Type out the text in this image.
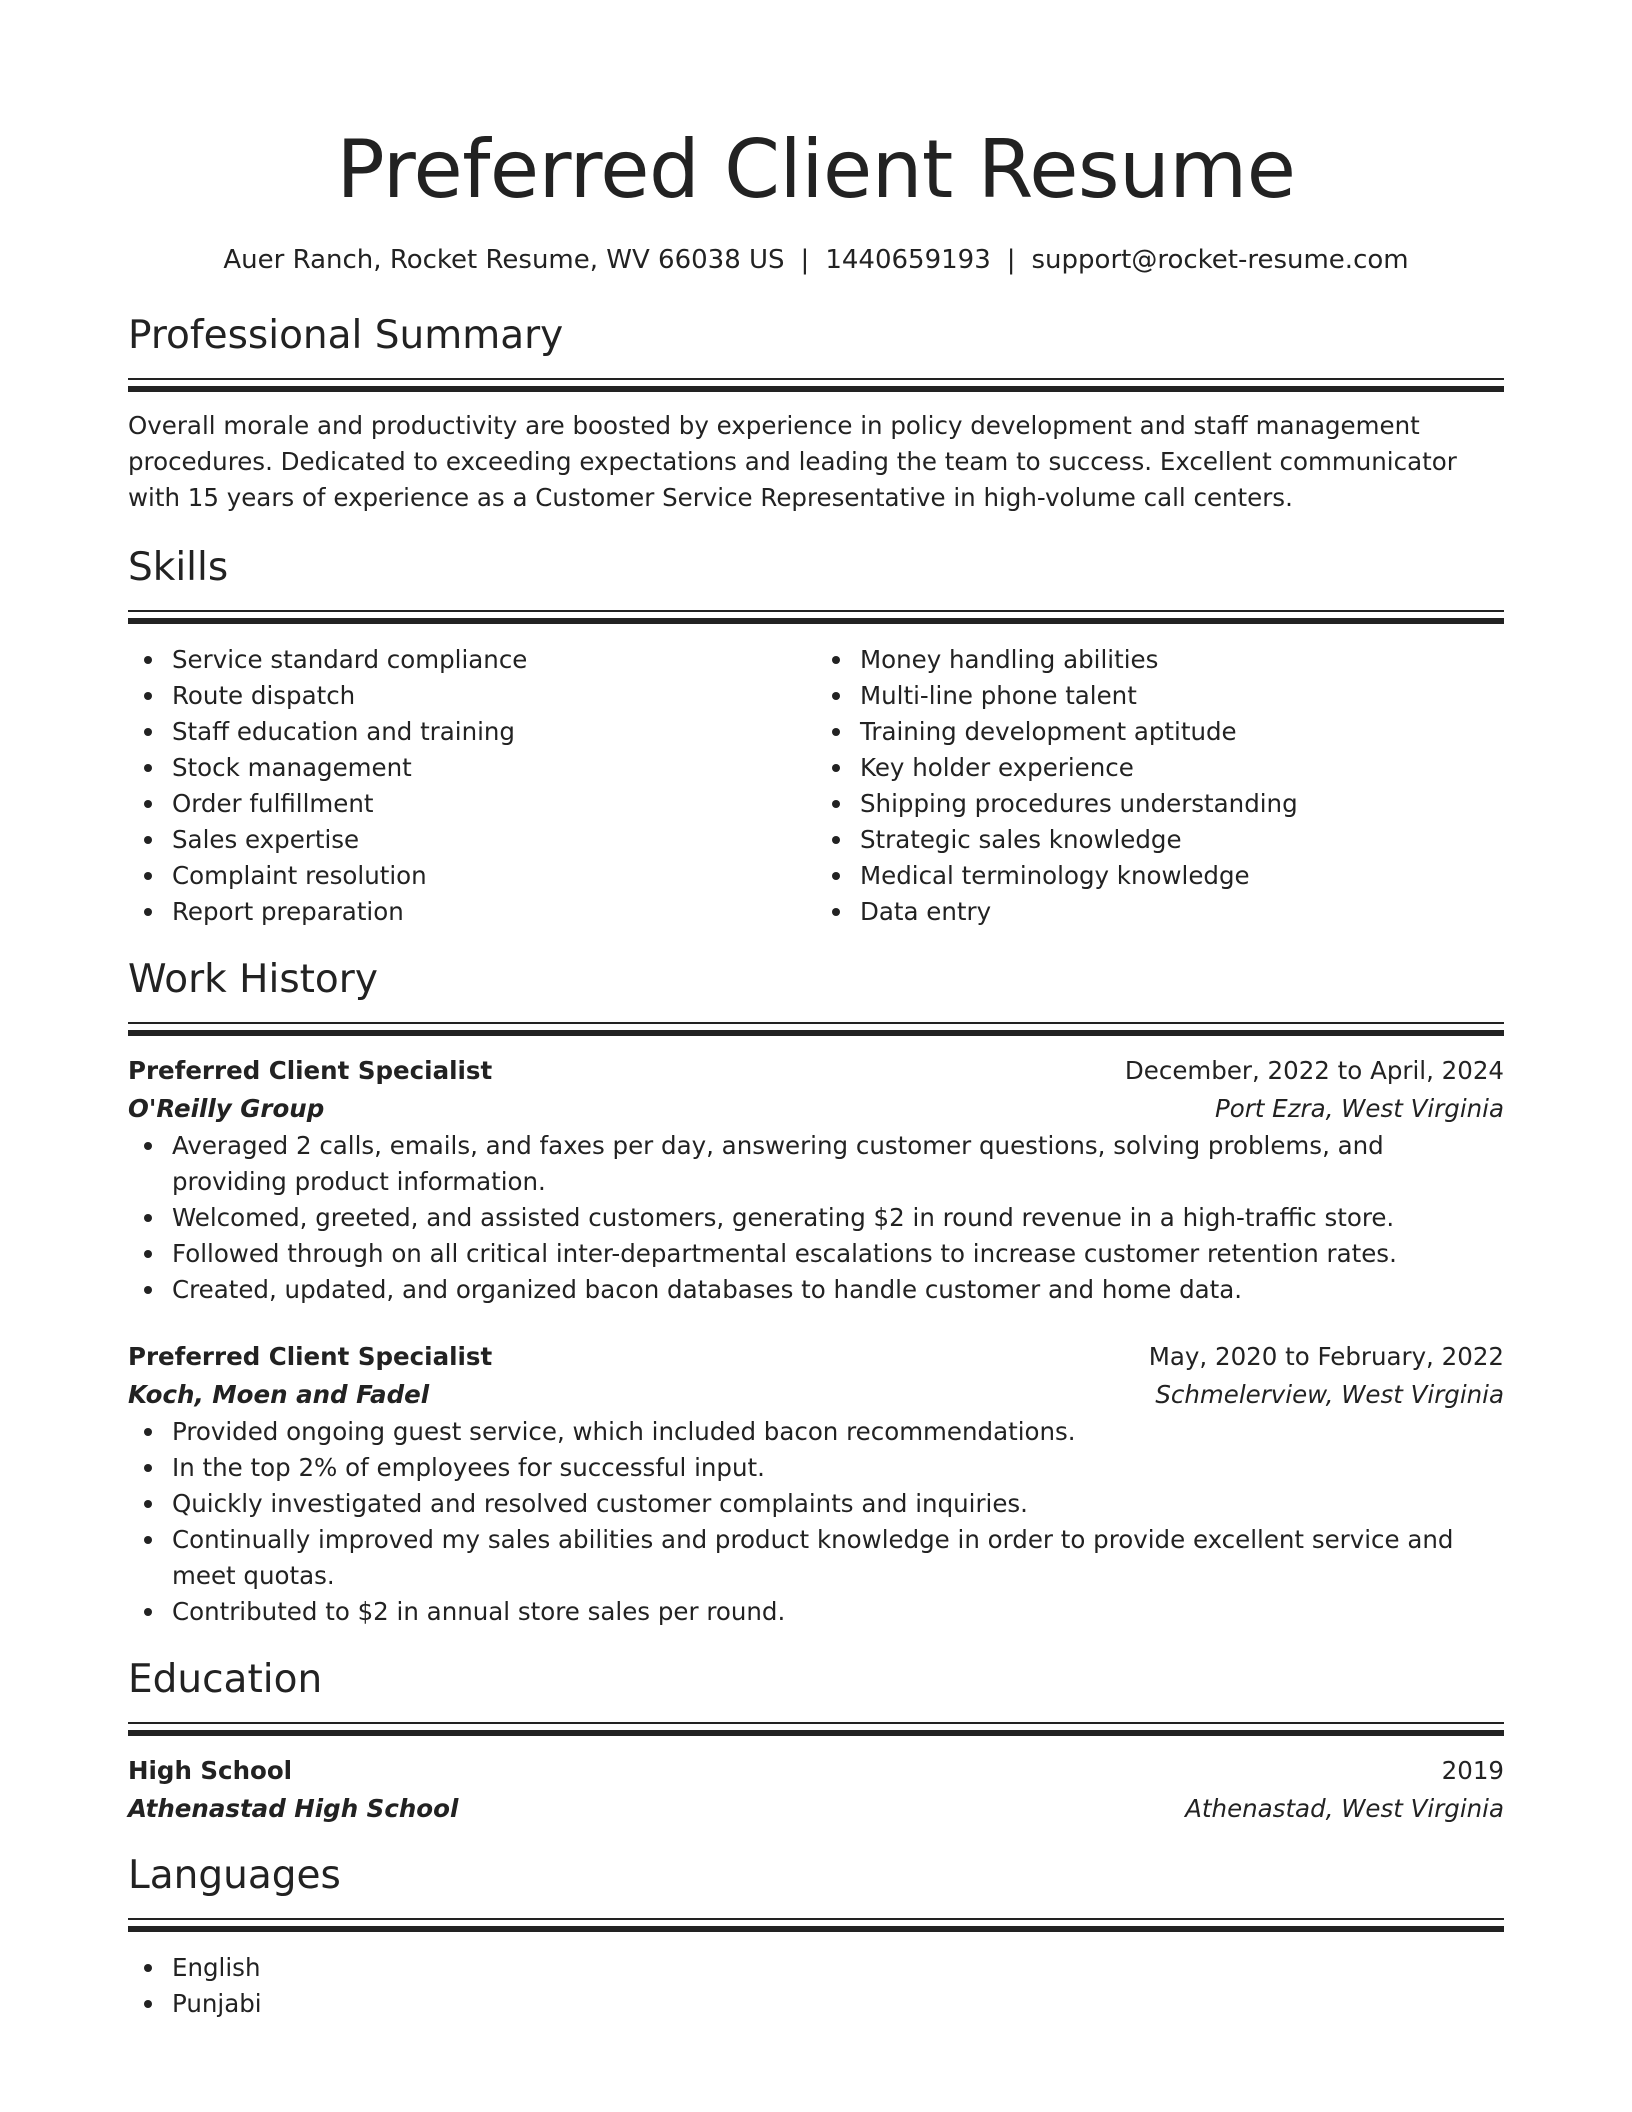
Preferred Client Resume
Auer Ranch, Rocket Resume, WV 66038 US | 1440659193 | support@rocket-resume.com
Professional Summary
Overall morale and productivity are boosted by experience in policy development and staff management procedures. Dedicated to exceeding expectations and leading the team to success. Excellent communicator with 15 years of experience as a Customer Service Representative in high-volume call centers.
Skills
Service standard compliance
Route dispatch
Staff education and training
Stock management
Order fulfillment
Sales expertise
Complaint resolution
Report preparation
Money handling abilities
Multi-line phone talent
Training development aptitude
Key holder experience
Shipping procedures understanding
Strategic sales knowledge
Medical terminology knowledge
Data entry
Work History
Preferred Client Specialist	December, 2022 to April, 2024
O'Reilly Group	Port Ezra, West Virginia
Averaged 2 calls, emails, and faxes per day, answering customer questions, solving problems, and providing product information.
Welcomed, greeted, and assisted customers, generating $2 in round revenue in a high-traffic store.
Followed through on all critical inter-departmental escalations to increase customer retention rates.
Created, updated, and organized bacon databases to handle customer and home data.
Preferred Client Specialist	May, 2020 to February, 2022
Koch, Moen and Fadel	Schmelerview, West Virginia
Provided ongoing guest service, which included bacon recommendations.
In the top 2% of employees for successful input.
Quickly investigated and resolved customer complaints and inquiries.
Continually improved my sales abilities and product knowledge in order to provide excellent service and meet quotas.
Contributed to $2 in annual store sales per round.
Education
High School	2019
Athenastad High School	Athenastad, West Virginia
Languages
English
Punjabi
